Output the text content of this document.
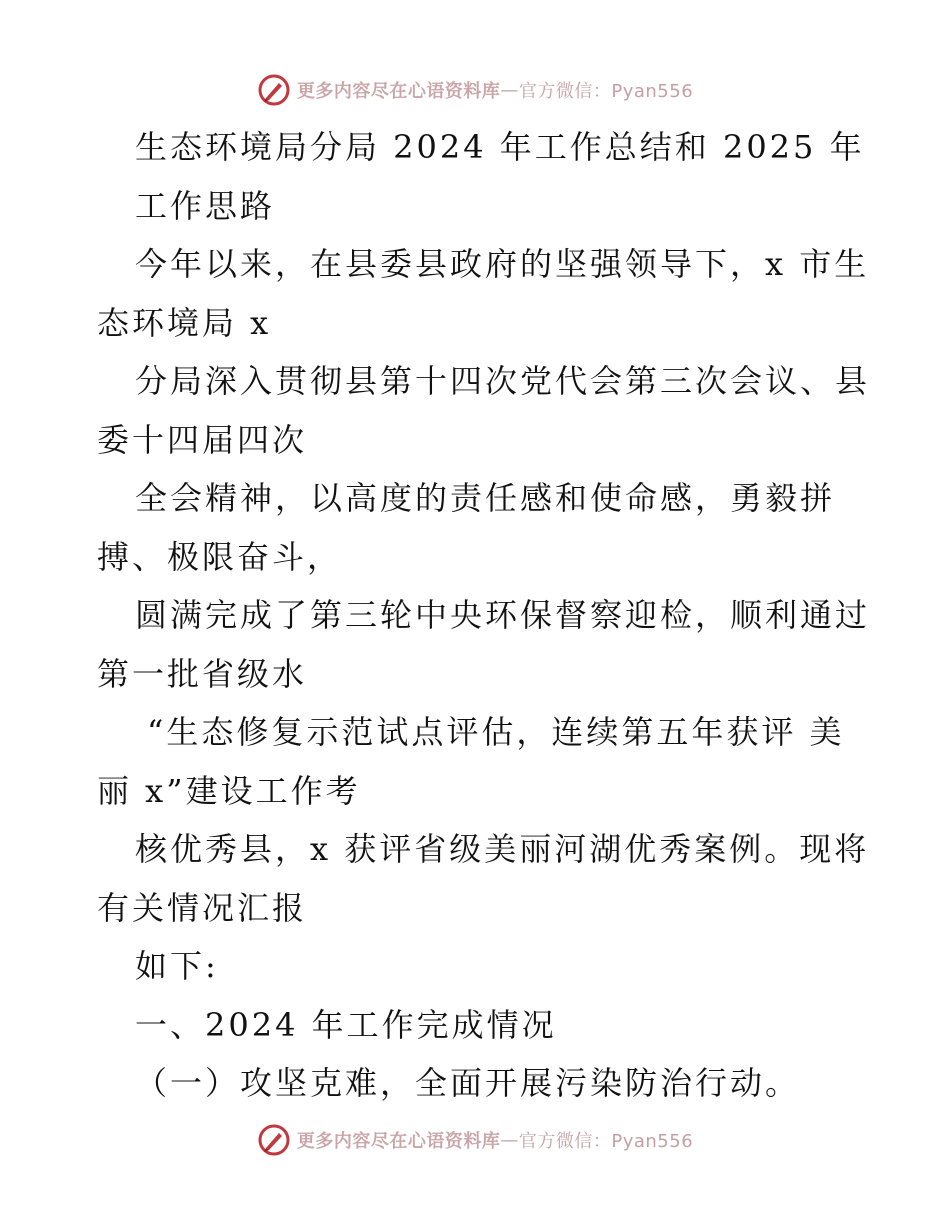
更多内容尽在心语资料库 — 官方微信：Pyan556
生态环境局分局 2024 年工作总结和 2025 年
工作思路
今年以来，在县委县政府的坚强领导下，x 市生
态环境局 x
分局深入贯彻县第十四次党代会第三次会议、县
委十四届四次
全会精神，以高度的责任感和使命感，勇毅拼
搏、极限奋斗，
圆满完成了第三轮中央环保督察迎检，顺利通过
第一批省级水
“生态修复示范试点评估，连续第五年获评 美
丽 x”建设工作考
核优秀县，x 获评省级美丽河湖优秀案例。现将
有关情况汇报
如下:
一、2024 年工作完成情况
（一）攻坚克难，全面开展污染防治行动。
更多内容尽在心语资料库 — 官方微信：Pyan556
